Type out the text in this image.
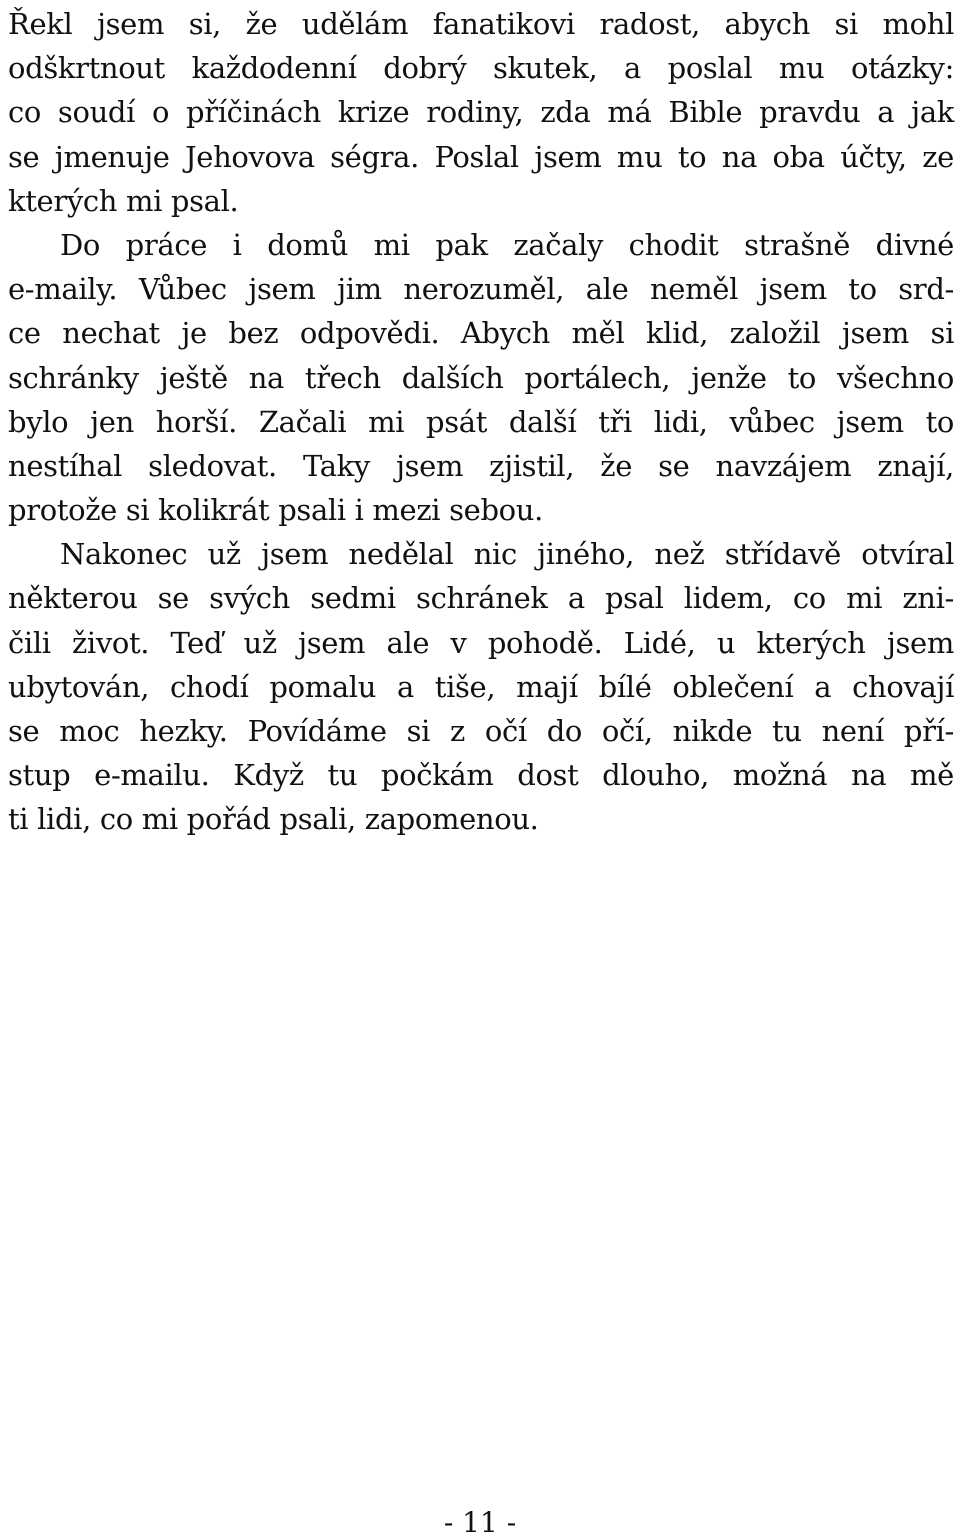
Řekl jsem si, že udělám fanatikovi radost, abych si mohl
odškrtnout každodenní dobrý skutek, a poslal mu otázky:
co soudí o příčinách krize rodiny, zda má Bible pravdu a jak
se jmenuje Jehovova ségra. Poslal jsem mu to na oba účty, ze
kterých mi psal.
Do práce i domů mi pak začaly chodit strašně divné
e-maily. Vůbec jsem jim nerozuměl, ale neměl jsem to srd-
ce nechat je bez odpovědi. Abych měl klid, založil jsem si
schránky ještě na třech dalších portálech, jenže to všechno
bylo jen horší. Začali mi psát další tři lidi, vůbec jsem to
nestíhal sledovat. Taky jsem zjistil, že se navzájem znají,
protože si kolikrát psali i mezi sebou.
Nakonec už jsem nedělal nic jiného, než střídavě otvíral
některou se svých sedmi schránek a psal lidem, co mi zni-
čili život. Teď už jsem ale v pohodě. Lidé, u kterých jsem
ubytován, chodí pomalu a tiše, mají bílé oblečení a chovají
se moc hezky. Povídáme si z očí do očí, nikde tu není pří-
stup e-mailu. Když tu počkám dost dlouho, možná na mě
ti lidi, co mi pořád psali, zapomenou.
- 11 -
